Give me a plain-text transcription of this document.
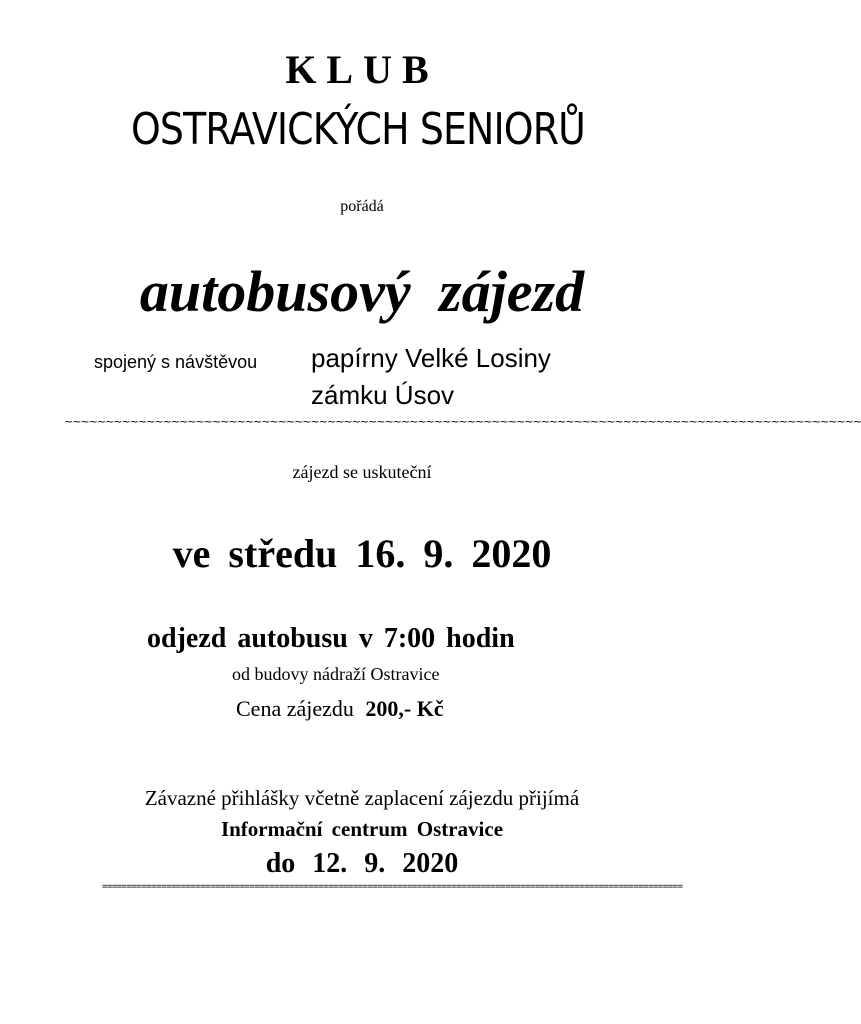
KLUB
OSTRAVICKÝCH SENIORŮ
pořádá
autobusový zájezd
spojený s návštěvou papírny Velké Losiny
zámku Úsov
~~~~~~~~~~~~~~~~~~~~~~~~~~~~~~~~~~~~~~~~~~~~~~~~~~~~~~~~~~~~~~~~~~~~~~~~~~~~~~~~~~~~~~~~~~~~~~~~~
zájezd se uskuteční
ve středu 16. 9. 2020
odjezd autobusu v 7:00 hodin
od budovy nádraží Ostravice
Cena zájezdu 200,- Kč
Závazné přihlášky včetně zaplacení zájezdu přijímá
Informační centrum Ostravice
do 12. 9. 2020
======================================================================================================================
